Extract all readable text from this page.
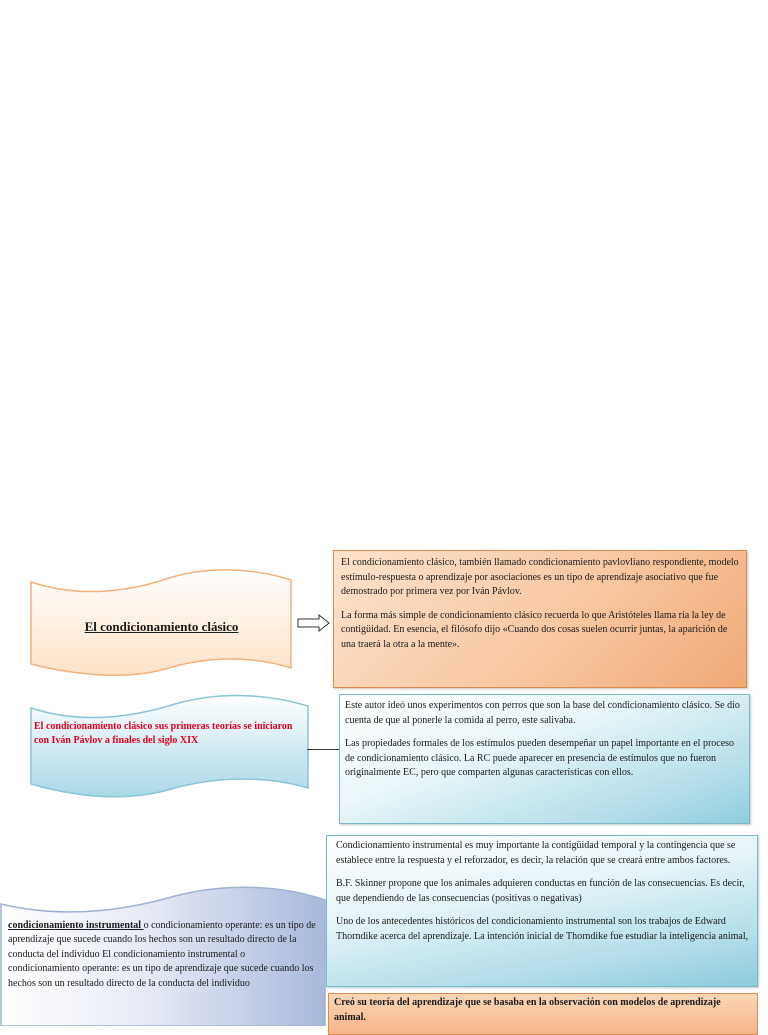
El condicionamiento clásico

El condicionamiento clásico, también llamado condicionamiento pavlovliano respondiente, modelo estímulo-respuesta o aprendizaje por asociaciones es un tipo de aprendizaje asociativo que fue demostrado por primera vez por Iván Pávlov.

La forma más simple de condicionamiento clásico recuerda lo que Aristóteles llama ría la ley de contigüidad. En esencia, el filósofo dijo «Cuando dos cosas suelen ocurrir juntas, la aparición de una traerá la otra a la mente».

El condicionamiento clásico sus primeras teorías se iniciaron con Iván Pávlov a finales del siglo XIX

Este autor ideó unos experimentos con perros que son la base del condicionamiento clásico. Se dio cuenta de que al ponerle la comida al perro, este salivaba.

Las propiedades formales de los estímulos pueden desempeñar un papel importante en el proceso de condicionamiento clásico. La RC puede aparecer en presencia de estímulos que no fueron originalmente EC, pero que comparten algunas características con ellos.

condicionamiento instrumental o condicionamiento operante: es un tipo de aprendizaje que sucede cuando los hechos son un resultado directo de la conducta del individuo El condicionamiento instrumental o condicionamiento operante: es un tipo de aprendizaje que sucede cuando los hechos son un resultado directo de la conducta del individuo

Condicionamiento instrumental es muy importante la contigüidad temporal y la contingencia que se establece entre la respuesta y el reforzador, es decir, la relación que se creará entre ambos factores.

B.F. Skinner propone que los animales adquieren conductas en función de las consecuencias. Es decir, que dependiendo de las consecuencias (positivas o negativas)

Uno de los antecedentes históricos del condicionamiento instrumental son los trabajos de Edward Thorndike acerca del aprendizaje. La intención inicial de Thorndike fue estudiar la inteligencia animal,

Creó su teoría del aprendizaje que se basaba en la observación con modelos de aprendizaje animal.
